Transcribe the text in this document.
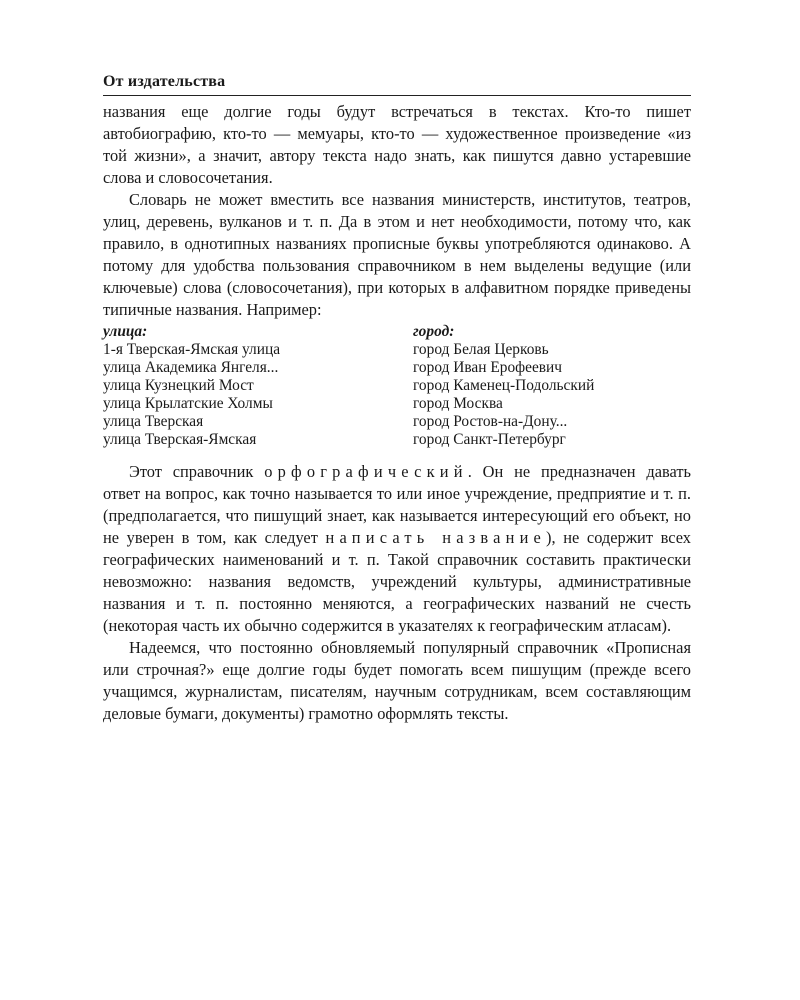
От издательства

названия еще долгие годы будут встречаться в текстах. Кто-то пишет автобиографию, кто-то — мемуары, кто-то — художественное произведение «из той жизни», а значит, автору текста надо знать, как пишутся давно устаревшие слова и словосочетания.

Словарь не может вместить все названия министерств, институтов, театров, улиц, деревень, вулканов и т. п. Да в этом и нет необходимости, потому что, как правило, в однотипных названиях прописные буквы употребляются одинаково. А потому для удобства пользования справочником в нем выделены ведущие (или ключевые) слова (словосочетания), при которых в алфавитном порядке приведены типичные названия. Например:

улица:
1-я Тверская-Ямская улица
улица Академика Янгеля...
улица Кузнецкий Мост
улица Крылатские Холмы
улица Тверская
улица Тверская-Ямская
город:
город Белая Церковь
город Иван Ерофеевич
город Каменец-Подольский
город Москва
город Ростов-на-Дону...
город Санкт-Петербург

Этот справочник орфографический. Он не предназначен давать ответ на вопрос, как точно называется то или иное учреждение, предприятие и т. п. (предполагается, что пишущий знает, как называется интересующий его объект, но не уверен в том, как следует написать название), не содержит всех географических наименований и т. п. Такой справочник составить практически невозможно: названия ведомств, учреждений культуры, административные названия и т. п. постоянно меняются, а географических названий не счесть (некоторая часть их обычно содержится в указателях к географическим атласам).

Надеемся, что постоянно обновляемый популярный справочник «Прописная или строчная?» еще долгие годы будет помогать всем пишущим (прежде всего учащимся, журналистам, писателям, научным сотрудникам, всем составляющим деловые бумаги, документы) грамотно оформлять тексты.
